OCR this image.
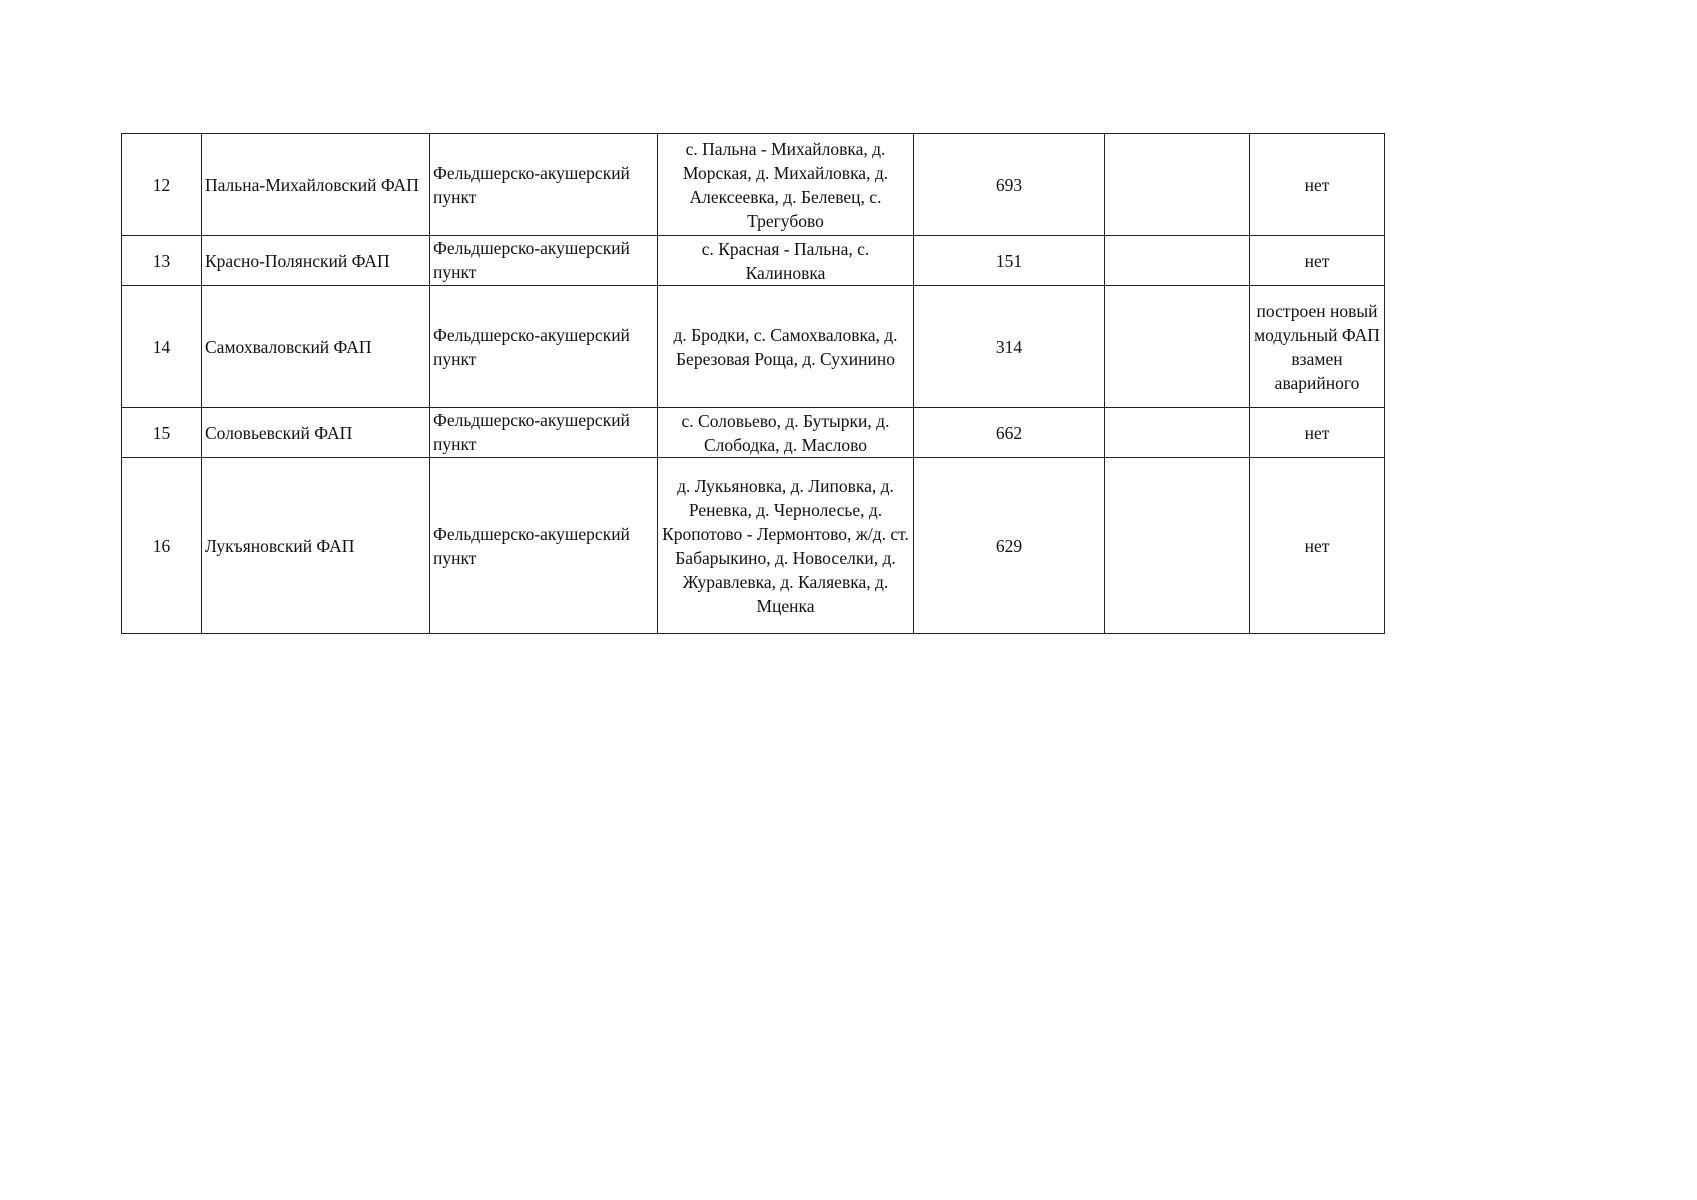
12	Пальна-Михайловский ФАП	Фельдшерско-акушерский пункт	с. Пальна - Михайловка, д. Морская, д. Михайловка, д. Алексеевка, д. Белевец, с. Трегубово	693		нет
13	Красно-Полянский ФАП	Фельдшерско-акушерский пункт	с. Красная - Пальна, с. Калиновка	151		нет
14	Самохваловский ФАП	Фельдшерско-акушерский пункт	д. Бродки, с. Самохваловка, д. Березовая Роща, д. Сухинино	314		построен новый модульный ФАП взамен аварийного
15	Соловьевский ФАП	Фельдшерско-акушерский пункт	с. Соловьево, д. Бутырки, д. Слободка, д. Маслово	662		нет
16	Лукъяновский ФАП	Фельдшерско-акушерский пункт	д. Лукьяновка, д. Липовка, д. Реневка, д. Чернолесье, д. Кропотово - Лермонтово, ж/д. ст. Бабарыкино, д. Новоселки, д. Журавлевка, д. Каляевка, д. Мценка	629		нет
